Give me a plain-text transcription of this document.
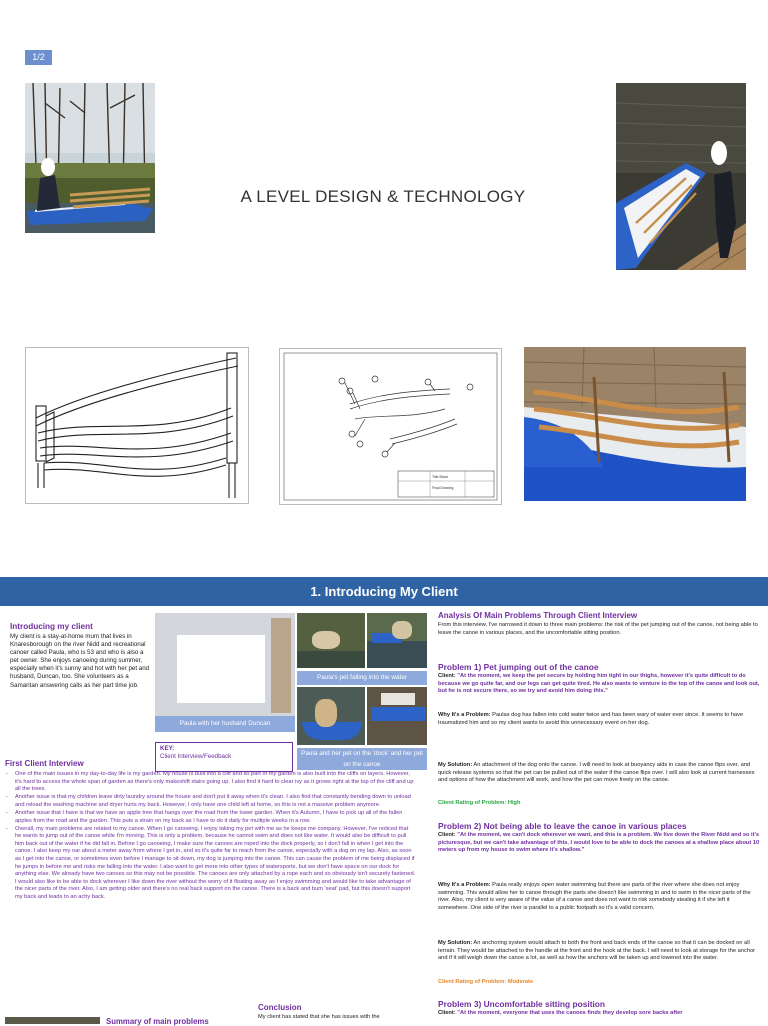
1/2
A LEVEL DESIGN & TECHNOLOGY
Title Block
Final Drawing
1. Introducing My Client
Introducing my client

My client is a stay-at-home mum that lives in Knaresborough on the river Nidd and recreational canoer called Paula, who is 53 and who is also a pet owner. She enjoys canoeing during summer, especially when it's sunny and hot with her pet and husband, Duncan, too. She volunteers as a Samaritan answering calls as her part time job.

Paula with her husband Duncan
Paula's pet falling into the water
Paula and her pet on the 'dock' and her pet on the canoe
KEY:
Client Interview/Feedback
First Client Interview
- One of the main issues in my day-to-day life is my garden. My house is built into a cliff and so part of my garden is also built into the cliffs on layers. However, it's hard to access the whole span of garden as there's only makeshift stairs going up. I also find it hard to clear ivy as it grows right at the top of the cliff and up all the trees.
- Another issue is that my children leave dirty laundry around the house and don't put it away when it's clean. I also find that constantly bending down to unload and reload the washing machine and dryer hurts my back. However, I only have one child left at home, so this is not a massive problem anymore.
- Another issue that I have is that we have an apple tree that hangs over the road from the lower garden. When it's Autumn, I have to pick up all of the fallen apples from the road and the garden. This puts a strain on my back as I have to do it daily for multiple weeks in a row.
- Overall, my main problems are related to my canoe. When I go canoeing, I enjoy taking my pet with me as he keeps me company. However, I've noticed that he wants to jump out of the canoe while I'm moving. This is only a problem, because he cannot swim and does not like water. It would also be difficult to pull him back out of the water if he did fall in. Before I go canoeing, I make sure the canoes are roped into the dock properly, so I don't fall in when I get into the canoe. I also keep my oar about a meter away from where I get in, and so it's quite far to reach from the canoe, especially with a dog on my lap. Also, as soon as I get into the canoe, or sometimes even before I manage to sit down, my dog is jumping into the canoe. This can cause the problem of me being displaced if he jumps in before me and risks me falling into the water. I also want to get more into other types of watersports, but we don't have space on our dock for anything else. We already have two canoes so this may not be possible. The canoes are only attached by a rope each and so obviously isn't securely fastened. I would also like to be able to dock wherever I like down the river without the worry of it floating away as I enjoy swimming and would like to take advantage of the nicer parts of the river. Also, I am getting older and there's no real back support on the canoe. There is a back and bum 'seat' pad, but this doesn't support my back and leads to an achy back.
Summary of main problems
Conclusion

My client has stated that she has issues with the

Analysis Of Main Problems Through Client Interview

From this interview, I've narrowed it down to three main problems: the risk of the pet jumping out of the canoe, not being able to leave the canoe in various places, and the uncomfortable sitting position.

Problem 1) Pet jumping out of the canoe

Client: "At the moment, we keep the pet secure by holding him tight in our thighs, however it's quite difficult to do because we go quite far, and our legs can get quite tired. He also wants to venture to the top of the canoe and look out, but he is not secure there, so we try and avoid him doing this."

Why It's a Problem: Paulas dog has fallen into cold water twice and has been wary of water ever since. It seems to have traumatized him and so my client wants to avoid this unnecessary event on her dog.

My Solution: An attachment of the dog onto the canoe. I will need to look at buoyancy aids in case the canoe flips over, and quick release systems so that the pet can be pulled out of the water if the canoe flips over. I will also look at current harnesses and options of how the attachment will work, and how the pet can move freely on the canoe.

Client Rating of Problem: High
Problem 2) Not being able to leave the canoe in various places

Client: "At the moment, we can't dock wherever we want, and this is a problem. We live down the River Nidd and so it's picturesque, but we can't take advantage of this. I would love to be able to dock the canoes at a shallow place about 10 meters up from my house to swim where it's shallow."

Why It's a Problem: Paula really enjoys open water swimming but there are parts of the river where she does not enjoy swimming. This would allow her to canoe through the parts she doesn't like swimming in and to swim in the nicer parts of the river. Also, my client is very aware of the value of a canoe and does not want to risk somebody stealing it if she left it somewhere. One side of the river is parallel to a public footpath so it's a valid concern.

My Solution: An anchoring system would attach to both the front and back ends of the canoe so that it can be docked on all terrain. They would be attached to the handle at the front and the hook at the back. I will need to look at storage for the anchor and if it will weigh down the canoe a lot, as well as how the anchors will be taken up and lowered into the water.

Client Rating of Problem: Moderate
Problem 3) Uncomfortable sitting position

Client: "At the moment, everyone that uses the canoes finds they develop sore backs after
